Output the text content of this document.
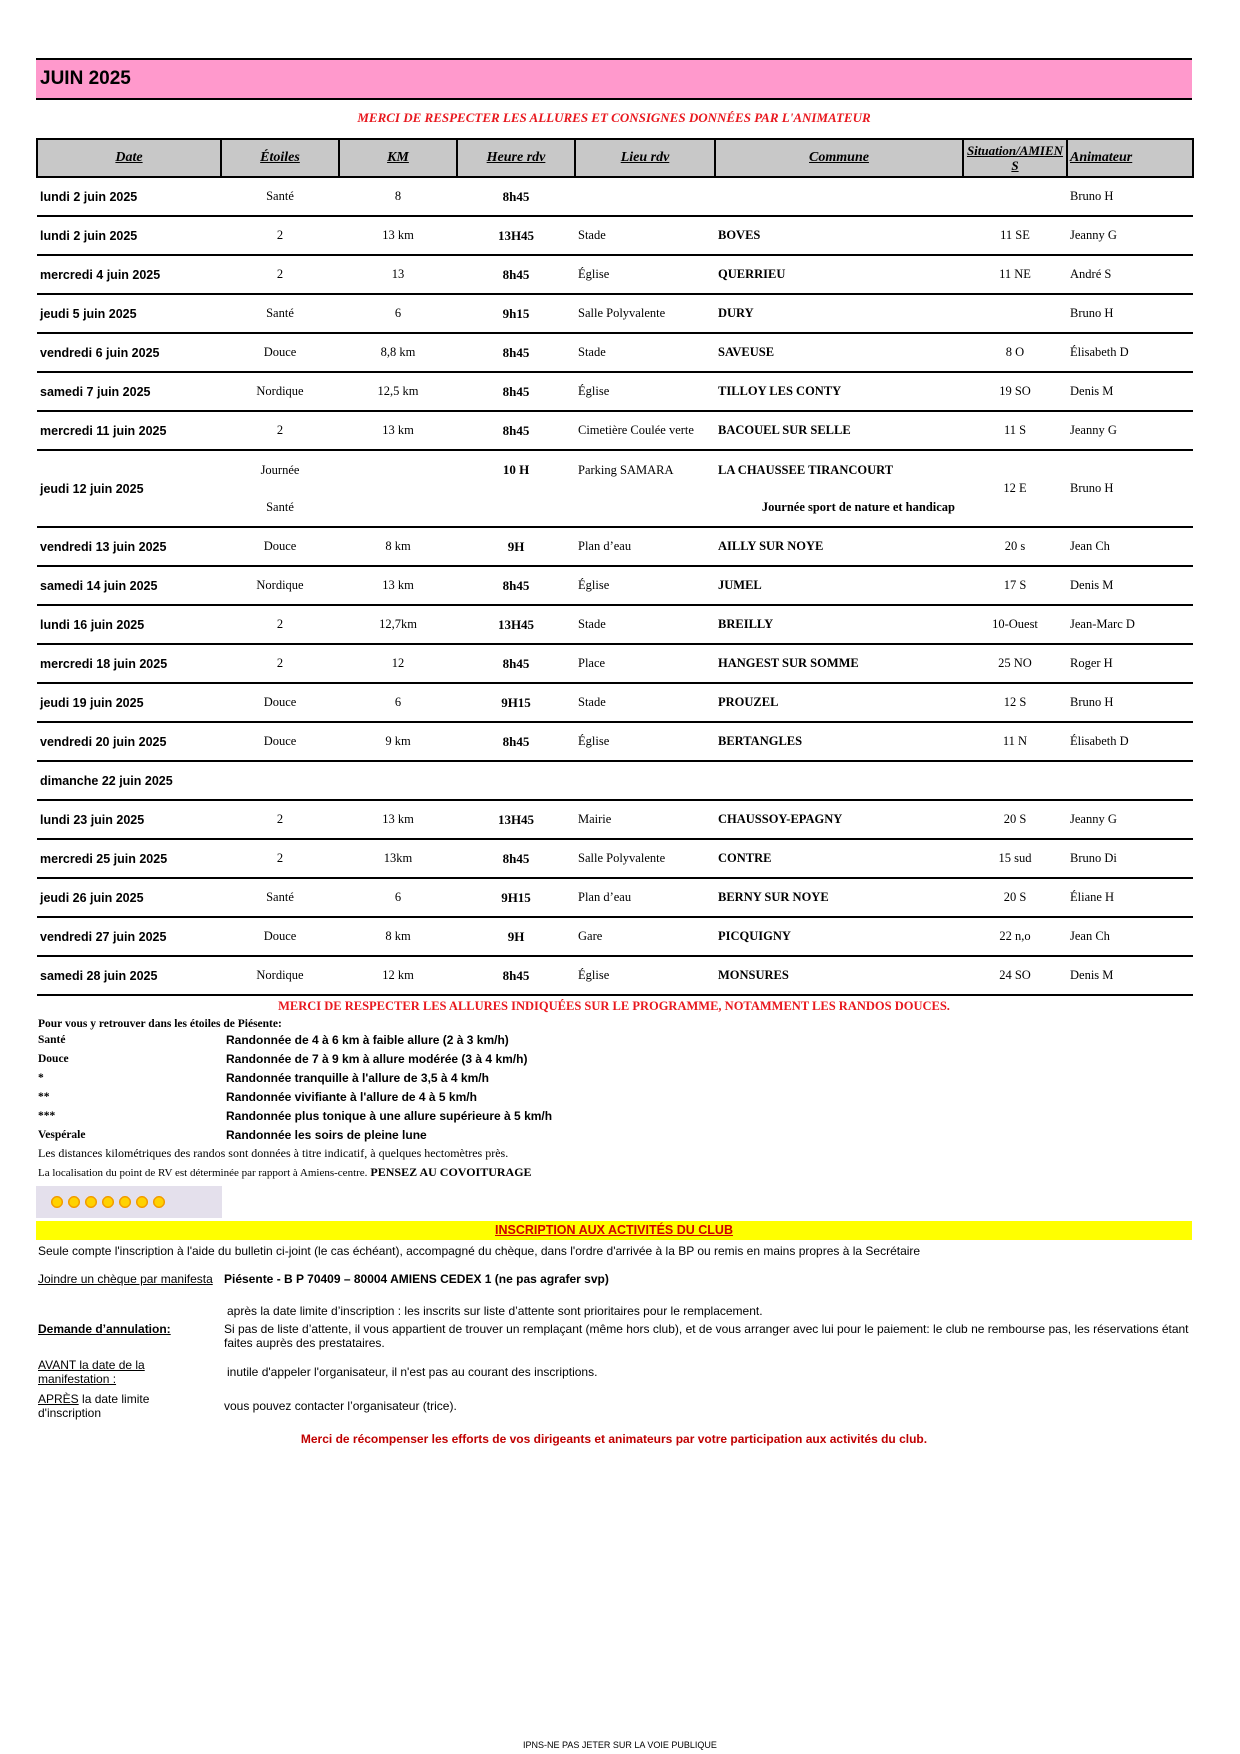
JUIN 2025
MERCI DE RESPECTER LES ALLURES ET CONSIGNES DONNÉES PAR L'ANIMATEUR
Date	Étoiles	KM	Heure rdv	Lieu rdv	Commune	Situation/AMIENS	Animateur
lundi 2 juin 2025	Santé	8	8h45				Bruno H
lundi 2 juin 2025	2	13 km	13H45	Stade	BOVES	11 SE	Jeanny G
mercredi 4 juin 2025	2	13	8h45	Église	QUERRIEU	11 NE	André S
jeudi 5 juin 2025	Santé	6	9h15	Salle Polyvalente	DURY		Bruno H
vendredi 6 juin 2025	Douce	8,8 km	8h45	Stade	SAVEUSE	8 O	Élisabeth D
samedi 7 juin 2025	Nordique	12,5 km	8h45	Église	TILLOY LES CONTY	19 SO	Denis M
mercredi 11 juin 2025	2	13 km	8h45	Cimetière Coulée verte	BACOUEL SUR SELLE	11 S	Jeanny G
jeudi 12 juin 2025	Journée		10 H	Parking SAMARA	LA CHAUSSEE TIRANCOURT	12 E	Bruno H
	Santé		Journée sport de nature et handicap				
vendredi 13 juin 2025	Douce	8 km	9H	Plan d’eau	AILLY SUR NOYE	20 s	Jean Ch
samedi 14 juin 2025	Nordique	13 km	8h45	Église	JUMEL	17 S	Denis M
lundi 16 juin 2025	2	12,7km	13H45	Stade	BREILLY	10-Ouest	Jean-Marc D
mercredi 18 juin 2025	2	12	8h45	Place	HANGEST SUR SOMME	25 NO	Roger H
jeudi 19 juin 2025	Douce	6	9H15	Stade	PROUZEL	12 S	Bruno H
vendredi 20 juin 2025	Douce	9 km	8h45	Église	BERTANGLES	11 N	Élisabeth D
dimanche 22 juin 2025							
lundi 23 juin 2025	2	13 km	13H45	Mairie	CHAUSSOY-EPAGNY	20 S	Jeanny G
mercredi 25 juin 2025	2	13km	8h45	Salle Polyvalente	CONTRE	15 sud	Bruno Di
jeudi 26 juin 2025	Santé	6	9H15	Plan d’eau	BERNY SUR NOYE	20 S	Éliane H
vendredi 27 juin 2025	Douce	8 km	9H	Gare	PICQUIGNY	22 n,o	Jean Ch
samedi 28 juin 2025	Nordique	12 km	8h45	Église	MONSURES	24 SO	Denis M
MERCI DE RESPECTER LES ALLURES INDIQUÉES SUR LE PROGRAMME, NOTAMMENT LES RANDOS DOUCES.
Pour vous y retrouver dans les étoiles de Piésente:
Santé	Randonnée de 4 à 6 km à faible allure (2 à 3 km/h)
Douce	Randonnée de 7 à 9 km à allure modérée (3 à 4 km/h)
*	Randonnée tranquille à l'allure de 3,5 à 4 km/h
**	Randonnée vivifiante à l'allure de 4 à 5 km/h
***	Randonnée plus tonique à une allure supérieure à 5 km/h
Vespérale	Randonnée les soirs de pleine lune
Les distances kilométriques des randos sont données à titre indicatif, à quelques hectomètres près.
La localisation du point de RV est déterminée par rapport à Amiens-centre. PENSEZ AU COVOITURAGE
INSCRIPTION AUX ACTIVITÉS DU CLUB
Seule compte l'inscription à l'aide du bulletin ci-joint (le cas échéant), accompagné du chèque, dans l'ordre d'arrivée à la BP ou remis en mains propres à la Secrétaire
Joindre un chèque par manifesta Piésente - B P 70409 – 80004 AMIENS CEDEX 1 (ne pas agrafer svp)
après la date limite d’inscription : les inscrits sur liste d’attente sont prioritaires pour le remplacement.
Demande d’annulation:	Si pas de liste d’attente, il vous appartient de trouver un remplaçant (même hors club), et de vous arranger avec lui pour le paiement: le club ne rembourse pas, les réservations étant faites auprès des prestataires.
AVANT la date de la manifestation :	inutile d'appeler l'organisateur, il n'est pas au courant des inscriptions.
APRÈS la date limite d'inscription	vous pouvez contacter l’organisateur (trice).
Merci de récompenser les efforts de vos dirigeants et animateurs par votre participation aux activités du club.
IPNS-NE PAS JETER SUR LA VOIE PUBLIQUE
